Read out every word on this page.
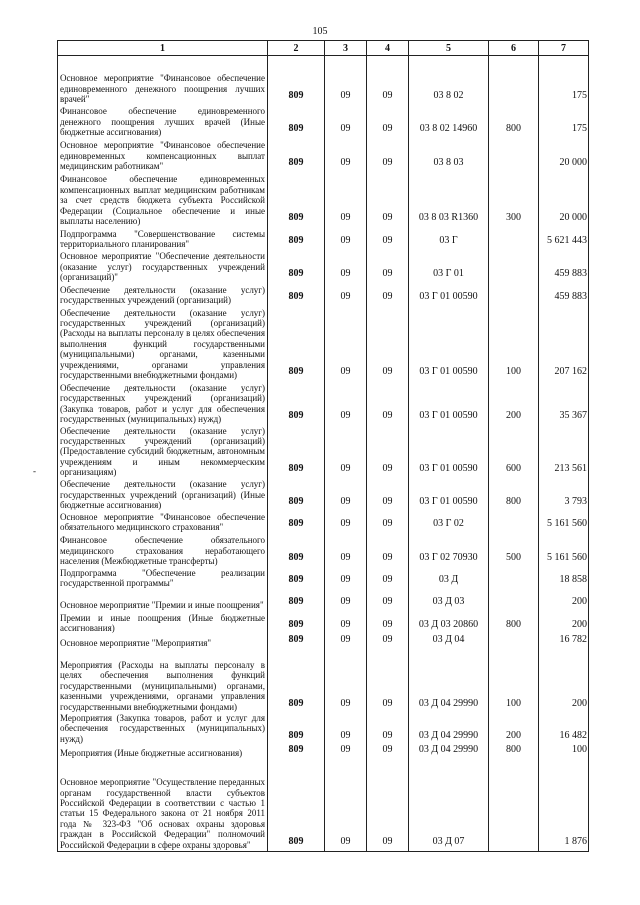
105
-
1	2	3	4	5	6	7
Основное мероприятие "Финансовое обеспечение единовременного денежного поощрения лучших врачей"	809	09	09	03 8 02		175
Финансовое обеспечение единовременного денежного поощрения лучших врачей (Иные бюджетные ассигнования)	809	09	09	03 8 02 14960	800	175
Основное мероприятие "Финансовое обеспечение единовременных компенсационных выплат медицинским работникам"	809	09	09	03 8 03		20 000
Финансовое обеспечение единовременных компенсационных выплат медицинским работникам за счет средств бюджета субъекта Российской Федерации (Социальное обеспечение и иные выплаты населению)	809	09	09	03 8 03 R1360	300	20 000
Подпрограмма "Совершенствование системы территориального планирования"	809	09	09	03 Г		5 621 443
Основное мероприятие "Обеспечение деятельности (оказание услуг) государственных учреждений (организаций)"	809	09	09	03 Г 01		459 883
Обеспечение деятельности (оказание услуг) государственных учреждений (организаций)	809	09	09	03 Г 01 00590		459 883
Обеспечение деятельности (оказание услуг) государственных учреждений (организаций) (Расходы на выплаты персоналу в целях обеспечения выполнения функций государственными (муниципальными) органами, казенными учреждениями, органами управления государственными внебюджетными фондами)	809	09	09	03 Г 01 00590	100	207 162
Обеспечение деятельности (оказание услуг) государственных учреждений (организаций) (Закупка товаров, работ и услуг для обеспечения государственных (муниципальных) нужд)	809	09	09	03 Г 01 00590	200	35 367
Обеспечение деятельности (оказание услуг) государственных учреждений (организаций) (Предоставление субсидий бюджетным, автономным учреждениям и иным некоммерческим организациям)	809	09	09	03 Г 01 00590	600	213 561
Обеспечение деятельности (оказание услуг) государственных учреждений (организаций) (Иные бюджетные ассигнования)	809	09	09	03 Г 01 00590	800	3 793
Основное мероприятие "Финансовое обеспечение обязательного медицинского страхования"	809	09	09	03 Г 02		5 161 560
Финансовое обеспечение обязательного медицинского страхования неработающего населения (Межбюджетные трансферты)	809	09	09	03 Г 02 70930	500	5 161 560
Подпрограмма "Обеспечение реализации государственной программы"	809	09	09	03 Д		18 858
Основное мероприятие "Премии и иные поощрения"	809	09	09	03 Д 03		200
Премии и иные поощрения (Иные бюджетные ассигнования)	809	09	09	03 Д 03 20860	800	200
Основное мероприятие "Мероприятия"	809	09	09	03 Д 04		16 782
Мероприятия (Расходы на выплаты персоналу в целях обеспечения выполнения функций государственными (муниципальными) органами, казенными учреждениями, органами управления государственными внебюджетными фондами)	809	09	09	03 Д 04 29990	100	200
Мероприятия (Закупка товаров, работ и услуг для обеспечения государственных (муниципальных) нужд)	809	09	09	03 Д 04 29990	200	16 482
Мероприятия (Иные бюджетные ассигнования)	809	09	09	03 Д 04 29990	800	100
Основное мероприятие "Осуществление переданных органам государственной власти субъектов Российской Федерации в соответствии с частью 1 статьи 15 Федерального закона от 21 ноября 2011 года № 323-ФЗ "Об основах охраны здоровья граждан в Российской Федерации" полномочий Российской Федерации в сфере охраны здоровья"	809	09	09	03 Д 07		1 876
